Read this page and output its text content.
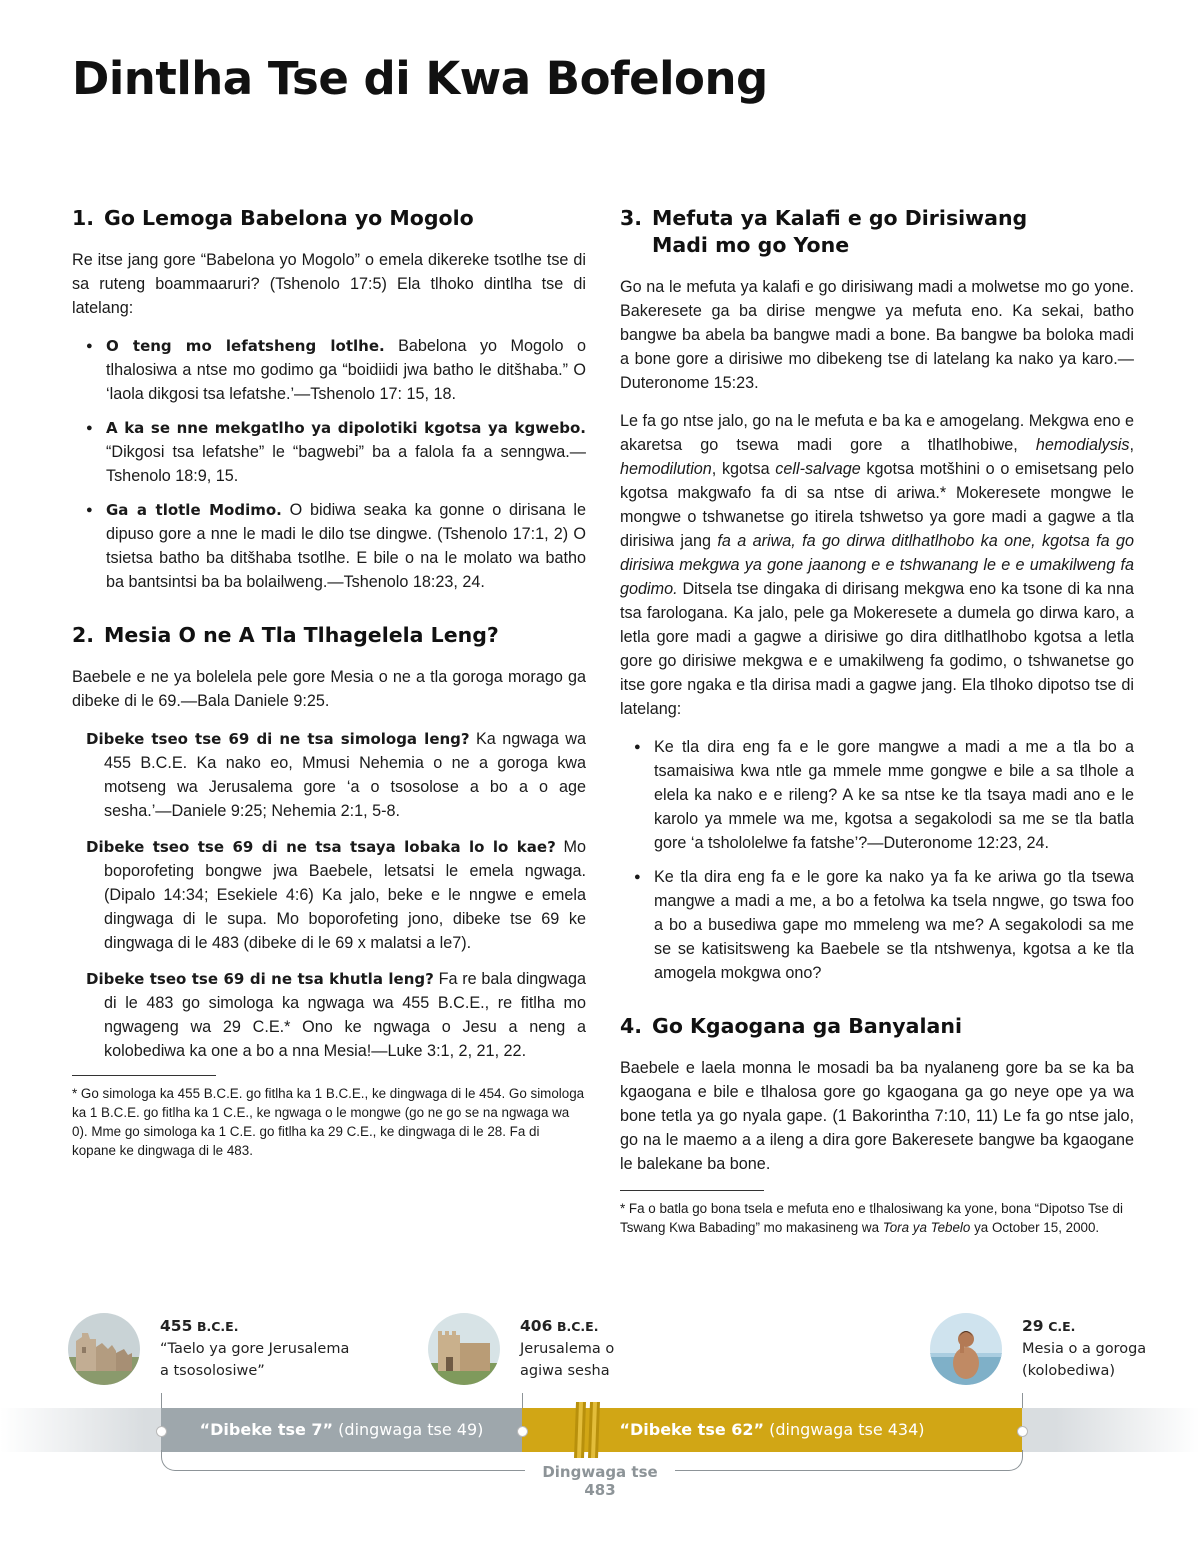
Dintlha Tse di Kwa Bofelong
1. Go Lemoga Babelona yo Mogolo

Re itse jang gore “Babelona yo Mogolo” o emela dikereke tsotlhe tse di sa ruteng boammaaruri? (Tshenolo 17:5) Ela tlhoko dintlha tse di latelang:

● O teng mo lefatsheng lotlhe. Babelona yo Mogolo o tlhalosiwa a ntse mo godimo ga “boidiidi jwa batho le ditšhaba.” O ‘laola dikgosi tsa lefatshe.’—Tshenolo 17: 15, 18.
● A ka se nne mekgatlho ya dipolotiki kgotsa ya kgwebo. “Dikgosi tsa lefatshe” le “bagwebi” ba a falola fa a senngwa.—Tshenolo 18:9, 15.
● Ga a tlotle Modimo. O bidiwa seaka ka gonne o dirisana le dipuso gore a nne le madi le dilo tse dingwe. (Tshenolo 17:1, 2) O tsietsa batho ba ditšhaba tsotlhe. E bile o na le molato wa batho ba bantsintsi ba ba bolailweng.—Tshenolo 18:23, 24.
2. Mesia O ne A Tla Tlhagelela Leng?

Baebele e ne ya bolelela pele gore Mesia o ne a tla goroga morago ga dibeke di le 69.—Bala Daniele 9:25.

Dibeke tseo tse 69 di ne tsa simologa leng? Ka ngwaga wa 455 B.C.E. Ka nako eo, Mmusi Nehemia o ne a goroga kwa motseng wa Jerusalema gore ‘a o tsosolose a bo a o age sesha.’—Daniele 9:25; Nehemia 2:1, 5-8.
Dibeke tseo tse 69 di ne tsa tsaya lobaka lo lo kae? Mo boporofeting bongwe jwa Baebele, letsatsi le emela ngwaga. (Dipalo 14:34; Esekiele 4:6) Ka jalo, beke e le nngwe e emela dingwaga di le supa. Mo boporofeting jono, dibeke tse 69 ke dingwaga di le 483 (dibeke di le 69 x malatsi a le7).
Dibeke tseo tse 69 di ne tsa khutla leng? Fa re bala dingwaga di le 483 go simologa ka ngwaga wa 455 B.C.E., re fitlha mo ngwageng wa 29 C.E.* Ono ke ngwaga o Jesu a neng a kolobediwa ka one a bo a nna Mesia!—Luke 3:1, 2, 21, 22.

* Go simologa ka 455 B.C.E. go fitlha ka 1 B.C.E., ke dingwaga di le 454. Go simologa ka 1 B.C.E. go fitlha ka 1 C.E., ke ngwaga o le mongwe (go ne go se na ngwaga wa 0). Mme go simologa ka 1 C.E. go fitlha ka 29 C.E., ke dingwaga di le 28. Fa di kopane ke dingwaga di le 483.

3. Mefuta ya Kalafi e go Dirisiwang
Madi mo go Yone

Go na le mefuta ya kalafi e go dirisiwang madi a molwetse mo go yone. Bakeresete ga ba dirise mengwe ya mefuta eno. Ka sekai, batho bangwe ba abela ba bangwe madi a bone. Ba bangwe ba boloka madi a bone gore a dirisiwe mo dibekeng tse di latelang ka nako ya karo.—Duteronome 15:23.

Le fa go ntse jalo, go na le mefuta e ba ka e amogelang. Mekgwa eno e akaretsa go tsewa madi gore a tlhatlhobiwe, hemodialysis, hemodilution, kgotsa cell-salvage kgotsa motšhini o o emisetsang pelo kgotsa makgwafo fa di sa ntse di ariwa.* Mokeresete mongwe le mongwe o tshwanetse go itirela tshwetso ya gore madi a gagwe a tla dirisiwa jang fa a ariwa, fa go dirwa ditlhatlhobo ka one, kgotsa fa go dirisiwa mekgwa ya gone jaanong e e tshwanang le e e umakilweng fa godimo. Ditsela tse dingaka di dirisang mekgwa eno ka tsone di ka nna tsa farologana. Ka jalo, pele ga Mokeresete a dumela go dirwa karo, a letla gore madi a gagwe a dirisiwe go dira ditlhatlhobo kgotsa a letla gore go dirisiwe mekgwa e e umakilweng fa godimo, o tshwanetse go itse gore ngaka e tla dirisa madi a gagwe jang. Ela tlhoko dipotso tse di latelang:

● Ke tla dira eng fa e le gore mangwe a madi a me a tla bo a tsamaisiwa kwa ntle ga mmele mme gongwe e bile a sa tlhole a elela ka nako e e rileng? A ke sa ntse ke tla tsaya madi ano e le karolo ya mmele wa me, kgotsa a segakolodi sa me se tla batla gore ‘a tshololelwe fa fatshe’?—Duteronome 12:23, 24.
● Ke tla dira eng fa e le gore ka nako ya fa ke ariwa go tla tsewa mangwe a madi a me, a bo a fetolwa ka tsela nngwe, go tswa foo a bo a busediwa gape mo mmeleng wa me? A segakolodi sa me se se katisitsweng ka Baebele se tla ntshwenya, kgotsa a ke tla amogela mokgwa ono?
4. Go Kgaogana ga Banyalani

Baebele e laela monna le mosadi ba ba nyalaneng gore ba se ka ba kgaogana e bile e tlhalosa gore go kgaogana ga go neye ope ya wa bone tetla ya go nyala gape. (1 Bakorintha 7:10, 11) Le fa go ntse jalo, go na le maemo a a ileng a dira gore Bakeresete bangwe ba kgaogane le balekane ba bone.

* Fa o batla go bona tsela e mefuta eno e tlhalosiwang ka yone, bona “Dipotso Tse di Tswang Kwa Babading” mo makasineng wa Tora ya Tebelo ya October 15, 2000.

455 B.C.E.
“Taelo ya gore Jerusalema
a tsosolosiwe”
406 B.C.E.
Jerusalema o
agiwa sesha
29 C.E.
Mesia o a goroga
(kolobediwa)
“Dibeke tse 7” (dingwaga tse 49)	“Dibeke tse 62” (dingwaga tse 434)
Dingwaga tse 483
